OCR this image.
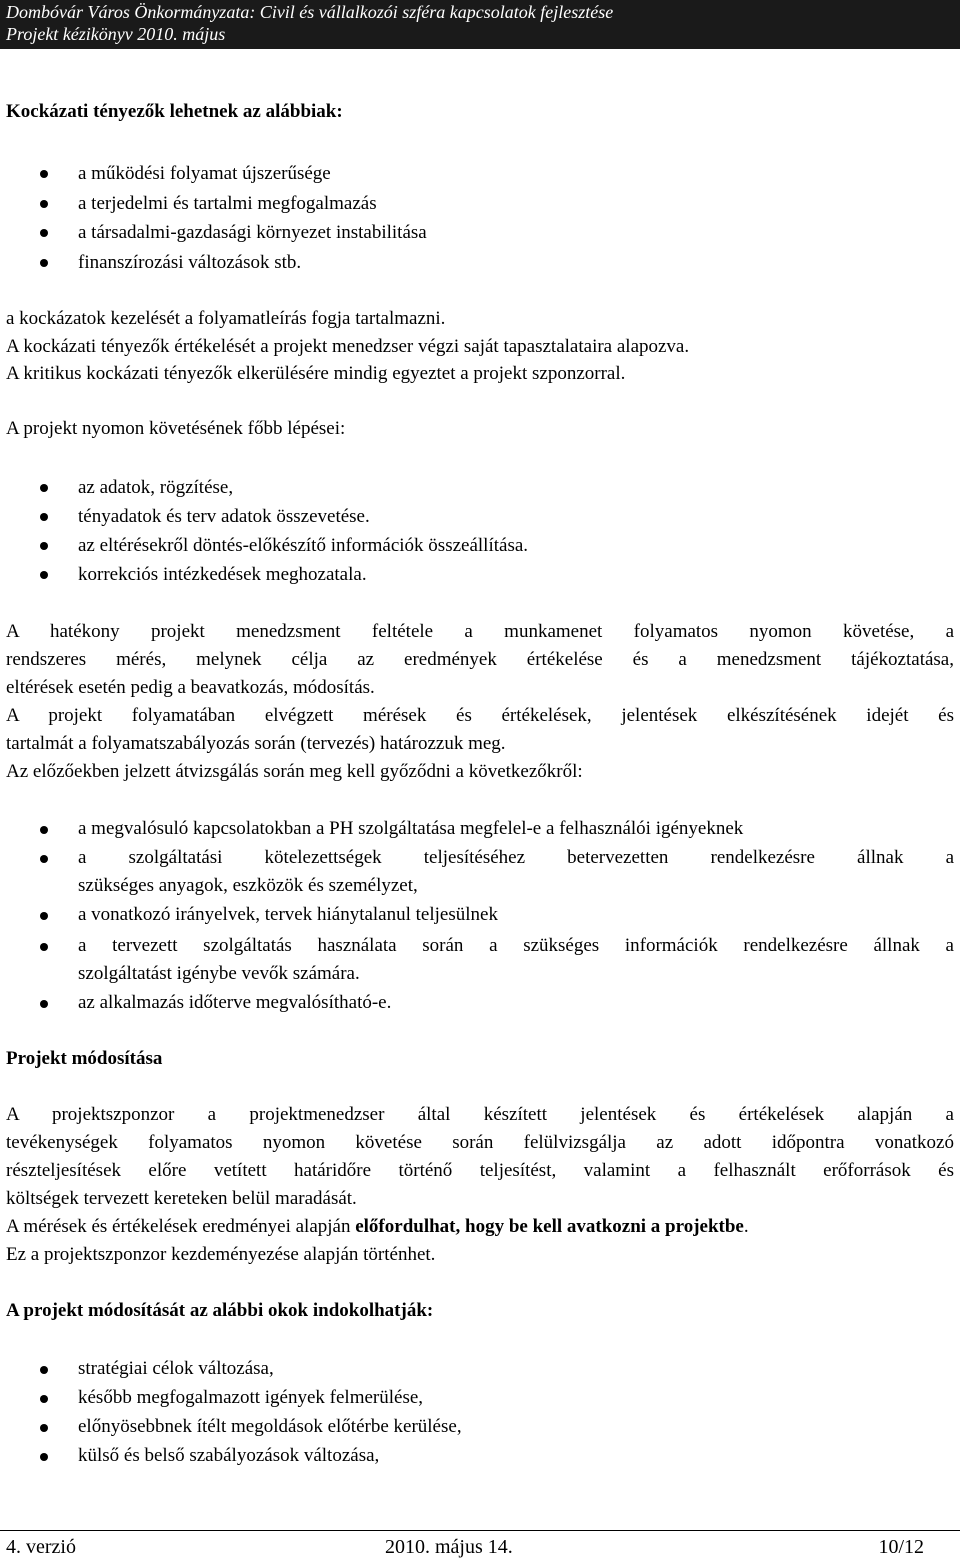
Dombóvár Város Önkormányzata: Civil és vállalkozói szféra kapcsolatok fejlesztése
Projekt kézikönyv 2010. május
Kockázati tényezők lehetnek az alábbiak:
a működési folyamat újszerűsége
a terjedelmi és tartalmi megfogalmazás
a társadalmi-gazdasági környezet instabilitása
finanszírozási változások stb.
a kockázatok kezelését a folyamatleírás fogja tartalmazni.
A kockázati tényezők értékelését a projekt menedzser végzi saját tapasztalataira alapozva.
A kritikus kockázati tényezők elkerülésére mindig egyeztet a projekt szponzorral.
A projekt nyomon követésének főbb lépései:
az adatok, rögzítése,
tényadatok és terv adatok összevetése.
az eltérésekről döntés-előkészítő információk összeállítása.
korrekciós intézkedések meghozatala.
A hatékony projekt menedzsment feltétele a munkamenet folyamatos nyomon követése, a
rendszeres mérés, melynek célja az eredmények értékelése és a menedzsment tájékoztatása,
eltérések esetén pedig a beavatkozás, módosítás.
A projekt folyamatában elvégzett mérések és értékelések, jelentések elkészítésének idejét és
tartalmát a folyamatszabályozás során (tervezés) határozzuk meg.
Az előzőekben jelzett átvizsgálás során meg kell győződni a következőkről:
a megvalósuló kapcsolatokban a PH szolgáltatása megfelel-e a felhasználói igényeknek
a szolgáltatási kötelezettségek teljesítéséhez betervezetten rendelkezésre állnak a
szükséges anyagok, eszközök és személyzet,
a vonatkozó irányelvek, tervek hiánytalanul teljesülnek
a tervezett szolgáltatás használata során a szükséges információk rendelkezésre állnak a
szolgáltatást igénybe vevők számára.
az alkalmazás időterve megvalósítható-e.
Projekt módosítása
A projektszponzor a projektmenedzser által készített jelentések és értékelések alapján a
tevékenységek folyamatos nyomon követése során felülvizsgálja az adott időpontra vonatkozó
részteljesítések előre vetített határidőre történő teljesítést, valamint a felhasznált erőforrások és
költségek tervezett kereteken belül maradását.
A mérések és értékelések eredményei alapján előfordulhat, hogy be kell avatkozni a projektbe.
Ez a projektszponzor kezdeményezése alapján történhet.
A projekt módosítását az alábbi okok indokolhatják:
stratégiai célok változása,
később megfogalmazott igények felmerülése,
előnyösebbnek ítélt megoldások előtérbe kerülése,
külső és belső szabályozások változása,
4. verzió	2010. május 14.	10/12
